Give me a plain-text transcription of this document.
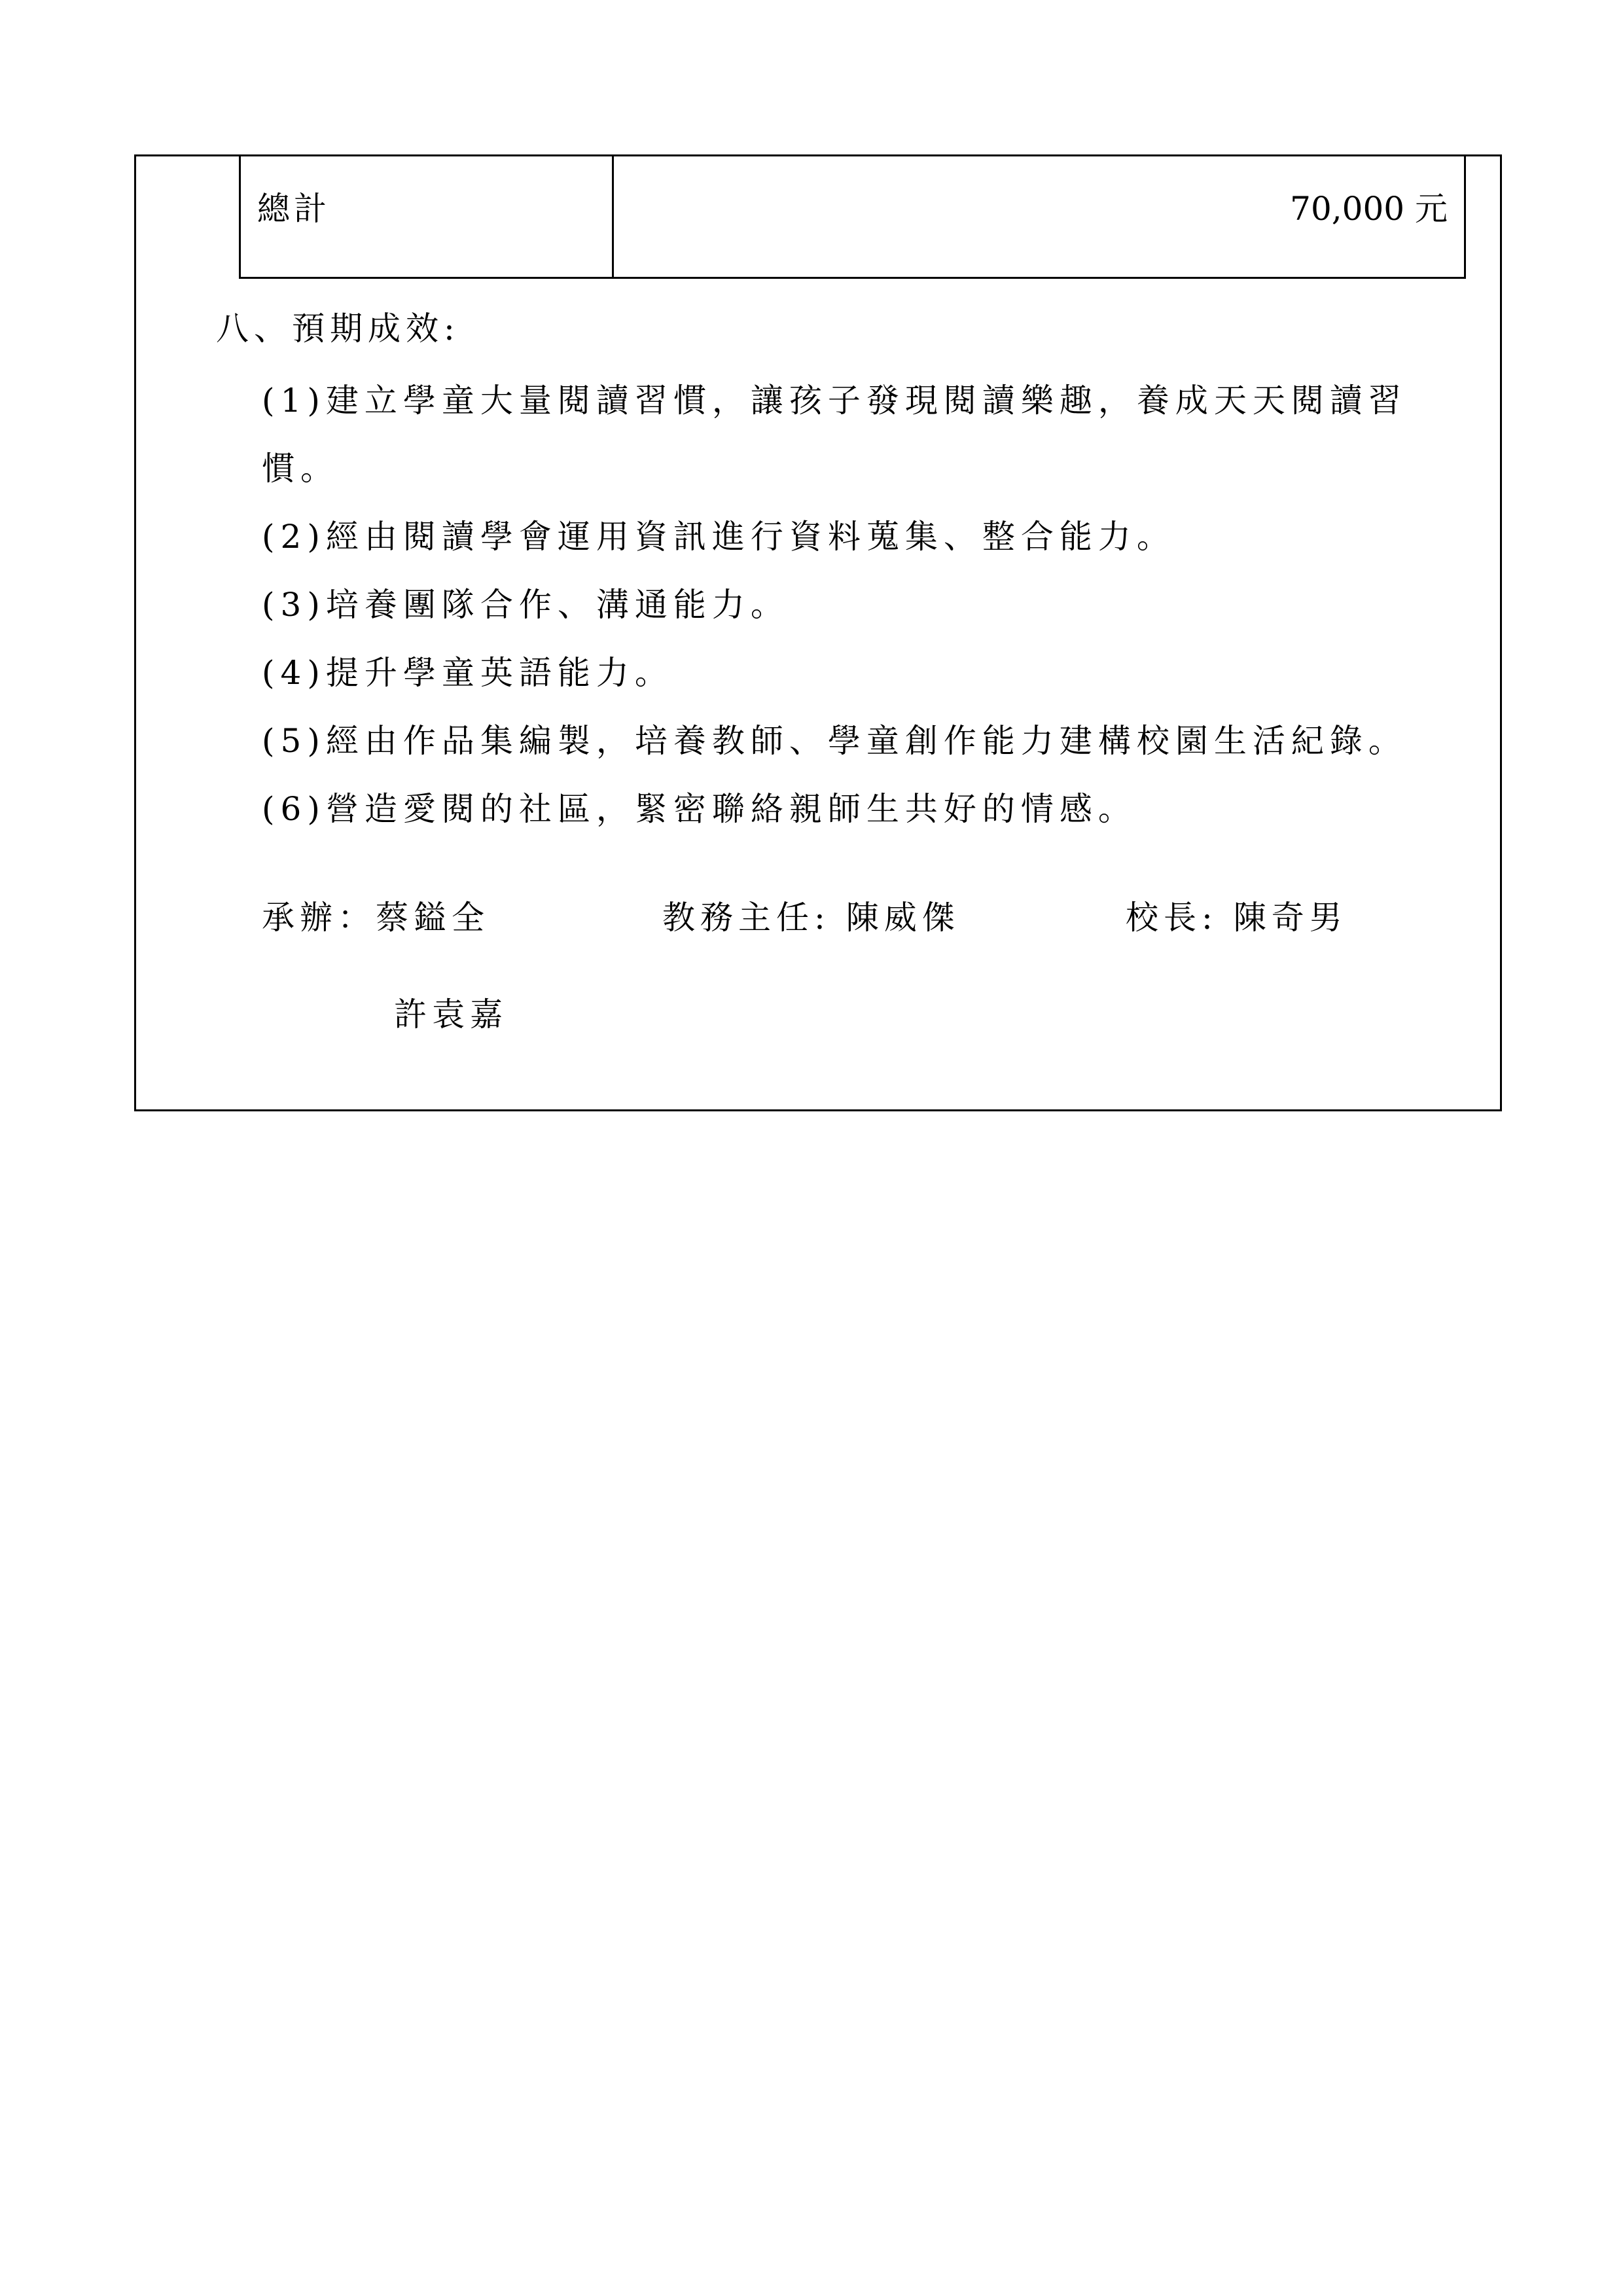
總計	70,000 元
八、預期成效:
(1)建立學童大量閱讀習慣，讓孩子發現閱讀樂趣，養成天天閱讀習慣。
(2)經由閱讀學會運用資訊進行資料蒐集、整合能力。
(3)培養團隊合作、溝通能力。
(4)提升學童英語能力。
(5)經由作品集編製，培養教師、學童創作能力建構校園生活紀錄。
(6)營造愛閱的社區，緊密聯絡親師生共好的情感。
承辦：蔡鎰全	教務主任: 陳威傑	校長: 陳奇男
許袁嘉
